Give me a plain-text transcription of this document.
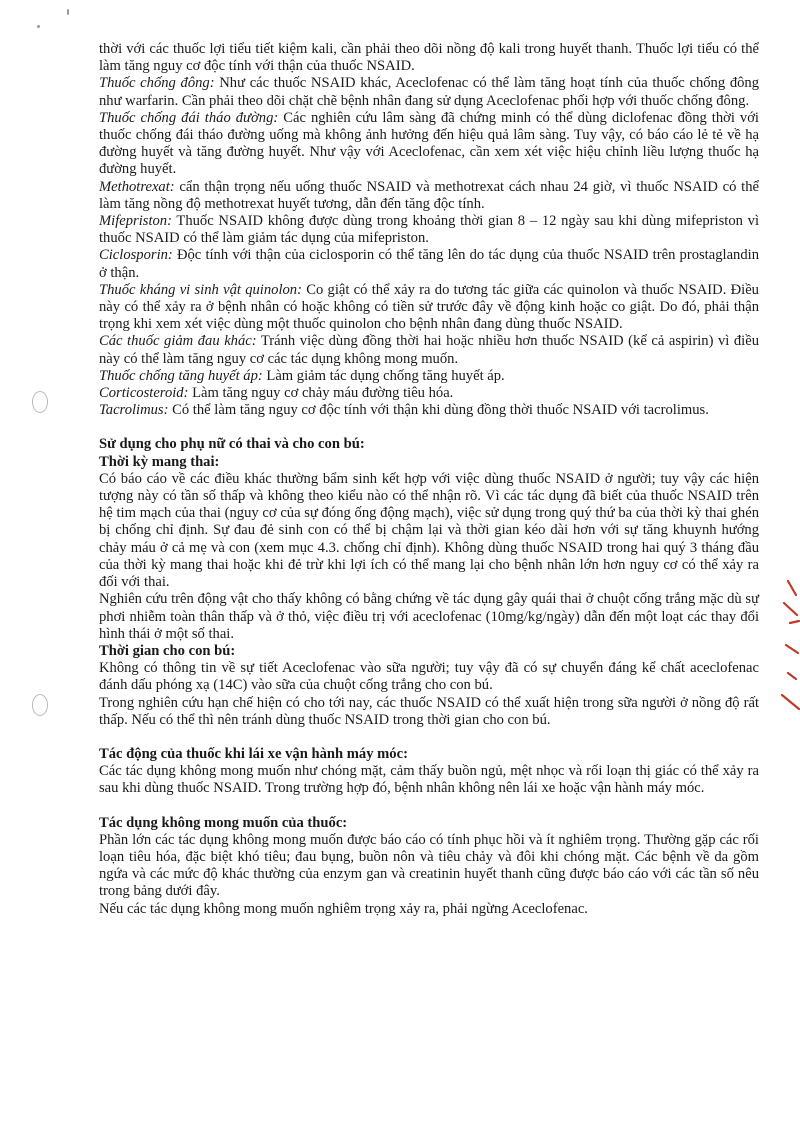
thời với các thuốc lợi tiểu tiết kiệm kali, cần phải theo dõi nồng độ kali trong huyết thanh. Thuốc lợi tiểu có thể làm tăng nguy cơ độc tính với thận của thuốc NSAID.

Thuốc chống đông: Như các thuốc NSAID khác, Aceclofenac có thể làm tăng hoạt tính của thuốc chống đông như warfarin. Cần phải theo dõi chặt chẽ bệnh nhân đang sử dụng Aceclofenac phối hợp với thuốc chống đông.

Thuốc chống đái tháo đường: Các nghiên cứu lâm sàng đã chứng minh có thể dùng diclofenac đồng thời với thuốc chống đái tháo đường uống mà không ảnh hưởng đến hiệu quả lâm sàng. Tuy vậy, có báo cáo lẻ tẻ về hạ đường huyết và tăng đường huyết. Như vậy với Aceclofenac, cần xem xét việc hiệu chỉnh liều lượng thuốc hạ đường huyết.

Methotrexat: cẩn thận trọng nếu uống thuốc NSAID và methotrexat cách nhau 24 giờ, vì thuốc NSAID có thể làm tăng nồng độ methotrexat huyết tương, dẫn đến tăng độc tính.

Mifepriston: Thuốc NSAID không được dùng trong khoảng thời gian 8 – 12 ngày sau khi dùng mifepriston vì thuốc NSAID có thể làm giảm tác dụng của mifepriston.

Ciclosporin: Độc tính với thận của ciclosporin có thể tăng lên do tác dụng của thuốc NSAID trên prostaglandin ở thận.

Thuốc kháng vi sinh vật quinolon: Co giật có thể xảy ra do tương tác giữa các quinolon và thuốc NSAID. Điều này có thể xảy ra ở bệnh nhân có hoặc không có tiền sử trước đây về động kinh hoặc co giật. Do đó, phải thận trọng khi xem xét việc dùng một thuốc quinolon cho bệnh nhân đang dùng thuốc NSAID.

Các thuốc giảm đau khác: Tránh việc dùng đồng thời hai hoặc nhiều hơn thuốc NSAID (kể cả aspirin) vì điều này có thể làm tăng nguy cơ các tác dụng không mong muốn.

Thuốc chống tăng huyết áp: Làm giảm tác dụng chống tăng huyết áp.

Corticosteroid: Làm tăng nguy cơ chảy máu đường tiêu hóa.

Tacrolimus: Có thể làm tăng nguy cơ độc tính với thận khi dùng đồng thời thuốc NSAID với tacrolimus.

Sử dụng cho phụ nữ có thai và cho con bú:

Thời kỳ mang thai:

Có báo cáo về các điều khác thường bẩm sinh kết hợp với việc dùng thuốc NSAID ở người; tuy vậy các hiện tượng này có tần số thấp và không theo kiểu nào có thể nhận rõ. Vì các tác dụng đã biết của thuốc NSAID trên hệ tim mạch của thai (nguy cơ của sự đóng ống động mạch), việc sử dụng trong quý thứ ba của thời kỳ thai ghén bị chống chỉ định. Sự đau đẻ sinh con có thể bị chậm lại và thời gian kéo dài hơn với sự tăng khuynh hướng chảy máu ở cả mẹ và con (xem mục 4.3. chống chỉ định). Không dùng thuốc NSAID trong hai quý 3 tháng đầu của thời kỳ mang thai hoặc khi đẻ trừ khi lợi ích có thể mang lại cho bệnh nhân lớn hơn nguy cơ có thể xảy ra đối với thai.

Nghiên cứu trên động vật cho thấy không có bằng chứng về tác dụng gây quái thai ở chuột cống trắng mặc dù sự phơi nhiễm toàn thân thấp và ở thỏ, việc điều trị với aceclofenac (10mg/kg/ngày) dẫn đến một loạt các thay đổi hình thái ở một số thai.

Thời gian cho con bú:

Không có thông tin về sự tiết Aceclofenac vào sữa người; tuy vậy đã có sự chuyển đáng kể chất aceclofenac đánh dấu phóng xạ (14C) vào sữa của chuột cống trắng cho con bú.

Trong nghiên cứu hạn chế hiện có cho tới nay, các thuốc NSAID có thể xuất hiện trong sữa người ở nồng độ rất thấp. Nếu có thể thì nên tránh dùng thuốc NSAID trong thời gian cho con bú.

Tác động của thuốc khi lái xe vận hành máy móc:

Các tác dụng không mong muốn như chóng mặt, cảm thấy buồn ngủ, mệt nhọc và rối loạn thị giác có thể xảy ra sau khi dùng thuốc NSAID. Trong trường hợp đó, bệnh nhân không nên lái xe hoặc vận hành máy móc.

Tác dụng không mong muốn của thuốc:

Phần lớn các tác dụng không mong muốn được báo cáo có tính phục hồi và ít nghiêm trọng. Thường gặp các rối loạn tiêu hóa, đặc biệt khó tiêu; đau bụng, buồn nôn và tiêu chảy và đôi khi chóng mặt. Các bệnh về da gồm ngứa và các mức độ khác thường của enzym gan và creatinin huyết thanh cũng được báo cáo với các tần số nêu trong bảng dưới đây.

Nếu các tác dụng không mong muốn nghiêm trọng xảy ra, phải ngừng Aceclofenac.
